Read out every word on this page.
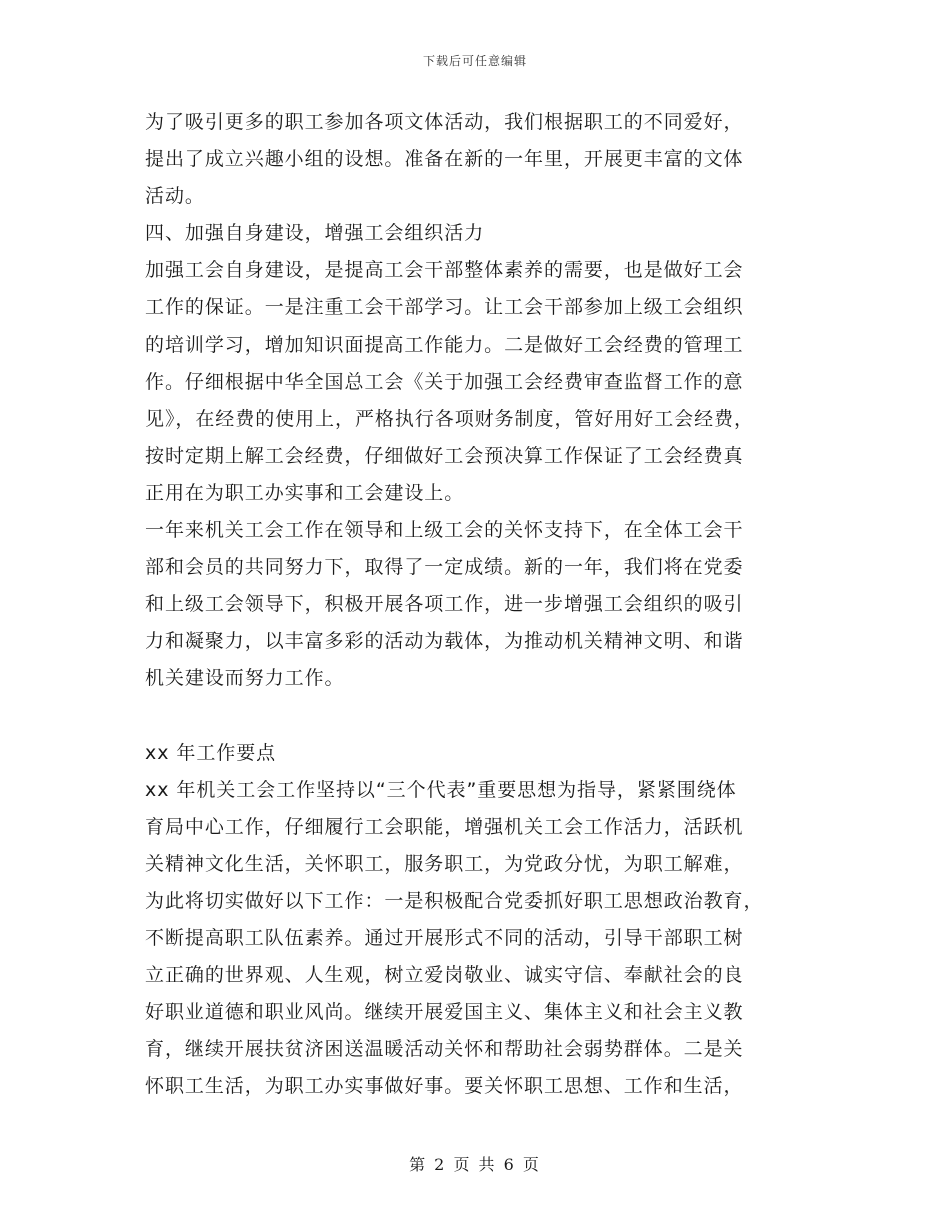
下载后可任意编辑
为了吸引更多的职工参加各项文体活动，我们根据职工的不同爱好，
提出了成立兴趣小组的设想。准备在新的一年里，开展更丰富的文体
活动。
四、加强自身建设，增强工会组织活力
加强工会自身建设，是提高工会干部整体素养的需要，也是做好工会
工作的保证。一是注重工会干部学习。让工会干部参加上级工会组织
的培训学习，增加知识面提高工作能力。二是做好工会经费的管理工
作。仔细根据中华全国总工会《关于加强工会经费审查监督工作的意
见》，在经费的使用上，严格执行各项财务制度，管好用好工会经费，
按时定期上解工会经费，仔细做好工会预决算工作保证了工会经费真
正用在为职工办实事和工会建设上。
一年来机关工会工作在领导和上级工会的关怀支持下，在全体工会干
部和会员的共同努力下，取得了一定成绩。新的一年，我们将在党委
和上级工会领导下，积极开展各项工作，进一步增强工会组织的吸引
力和凝聚力，以丰富多彩的活动为载体，为推动机关精神文明、和谐
机关建设而努力工作。
xx 年工作要点
xx 年机关工会工作坚持以“三个代表”重要思想为指导，紧紧围绕体
育局中心工作，仔细履行工会职能，增强机关工会工作活力，活跃机
关精神文化生活，关怀职工，服务职工，为党政分忧，为职工解难，
为此将切实做好以下工作：一是积极配合党委抓好职工思想政治教育，
不断提高职工队伍素养。通过开展形式不同的活动，引导干部职工树
立正确的世界观、人生观，树立爱岗敬业、诚实守信、奉献社会的良
好职业道德和职业风尚。继续开展爱国主义、集体主义和社会主义教
育，继续开展扶贫济困送温暖活动关怀和帮助社会弱势群体。二是关
怀职工生活，为职工办实事做好事。要关怀职工思想、工作和生活，
第 2 页 共 6 页
